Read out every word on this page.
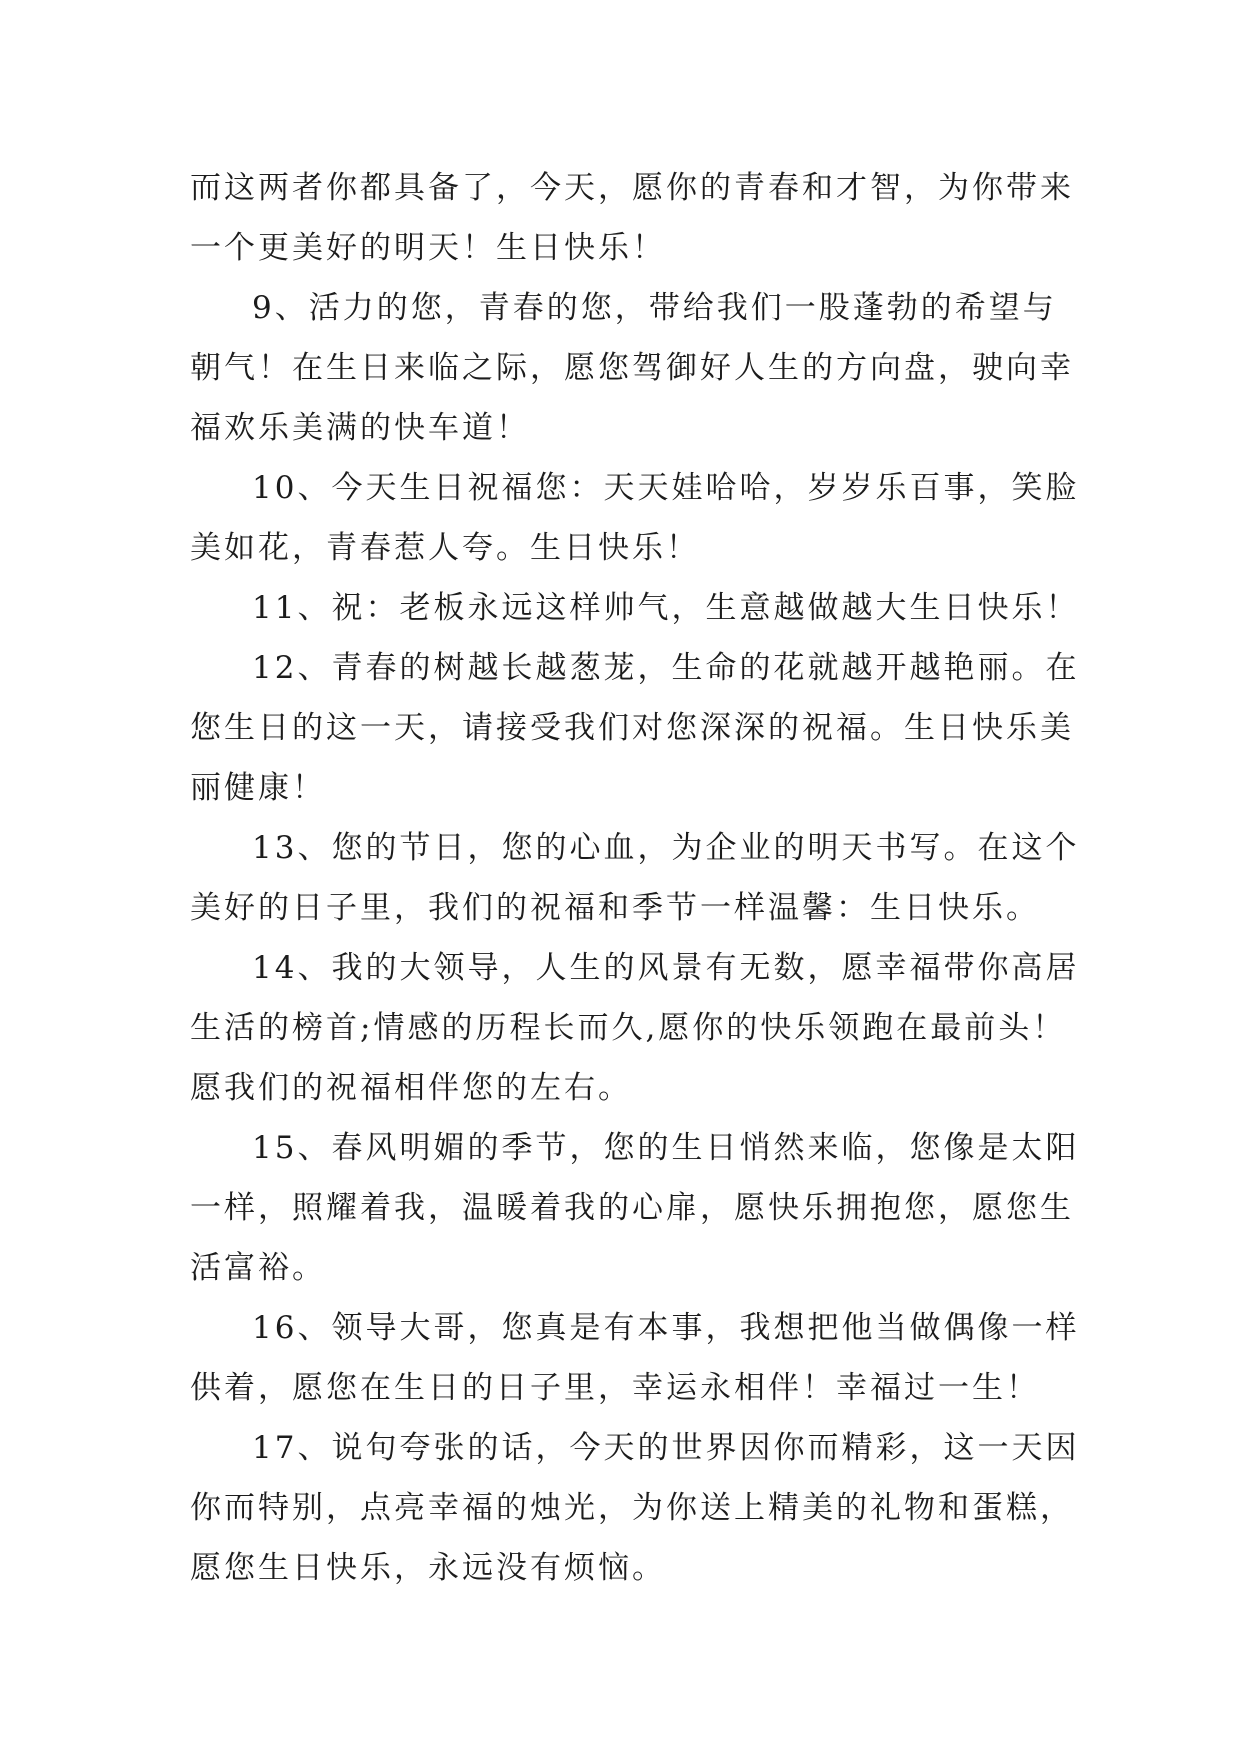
而这两者你都具备了，今天，愿你的青春和才智，为你带来
一个更美好的明天！生日快乐！
9、活力的您，青春的您，带给我们一股蓬勃的希望与
朝气！在生日来临之际，愿您驾御好人生的方向盘，驶向幸
福欢乐美满的快车道！
10、今天生日祝福您：天天娃哈哈，岁岁乐百事，笑脸
美如花，青春惹人夸。生日快乐！
11、祝：老板永远这样帅气，生意越做越大生日快乐！
12、青春的树越长越葱茏，生命的花就越开越艳丽。在
您生日的这一天，请接受我们对您深深的祝福。生日快乐美
丽健康！
13、您的节日，您的心血，为企业的明天书写。在这个
美好的日子里，我们的祝福和季节一样温馨：生日快乐。
14、我的大领导，人生的风景有无数，愿幸福带你高居
生活的榜首;情感的历程长而久,愿你的快乐领跑在最前头！
愿我们的祝福相伴您的左右。
15、春风明媚的季节，您的生日悄然来临，您像是太阳
一样，照耀着我，温暖着我的心扉，愿快乐拥抱您，愿您生
活富裕。
16、领导大哥，您真是有本事，我想把他当做偶像一样
供着，愿您在生日的日子里，幸运永相伴！幸福过一生！
17、说句夸张的话，今天的世界因你而精彩，这一天因
你而特别，点亮幸福的烛光，为你送上精美的礼物和蛋糕，
愿您生日快乐，永远没有烦恼。
